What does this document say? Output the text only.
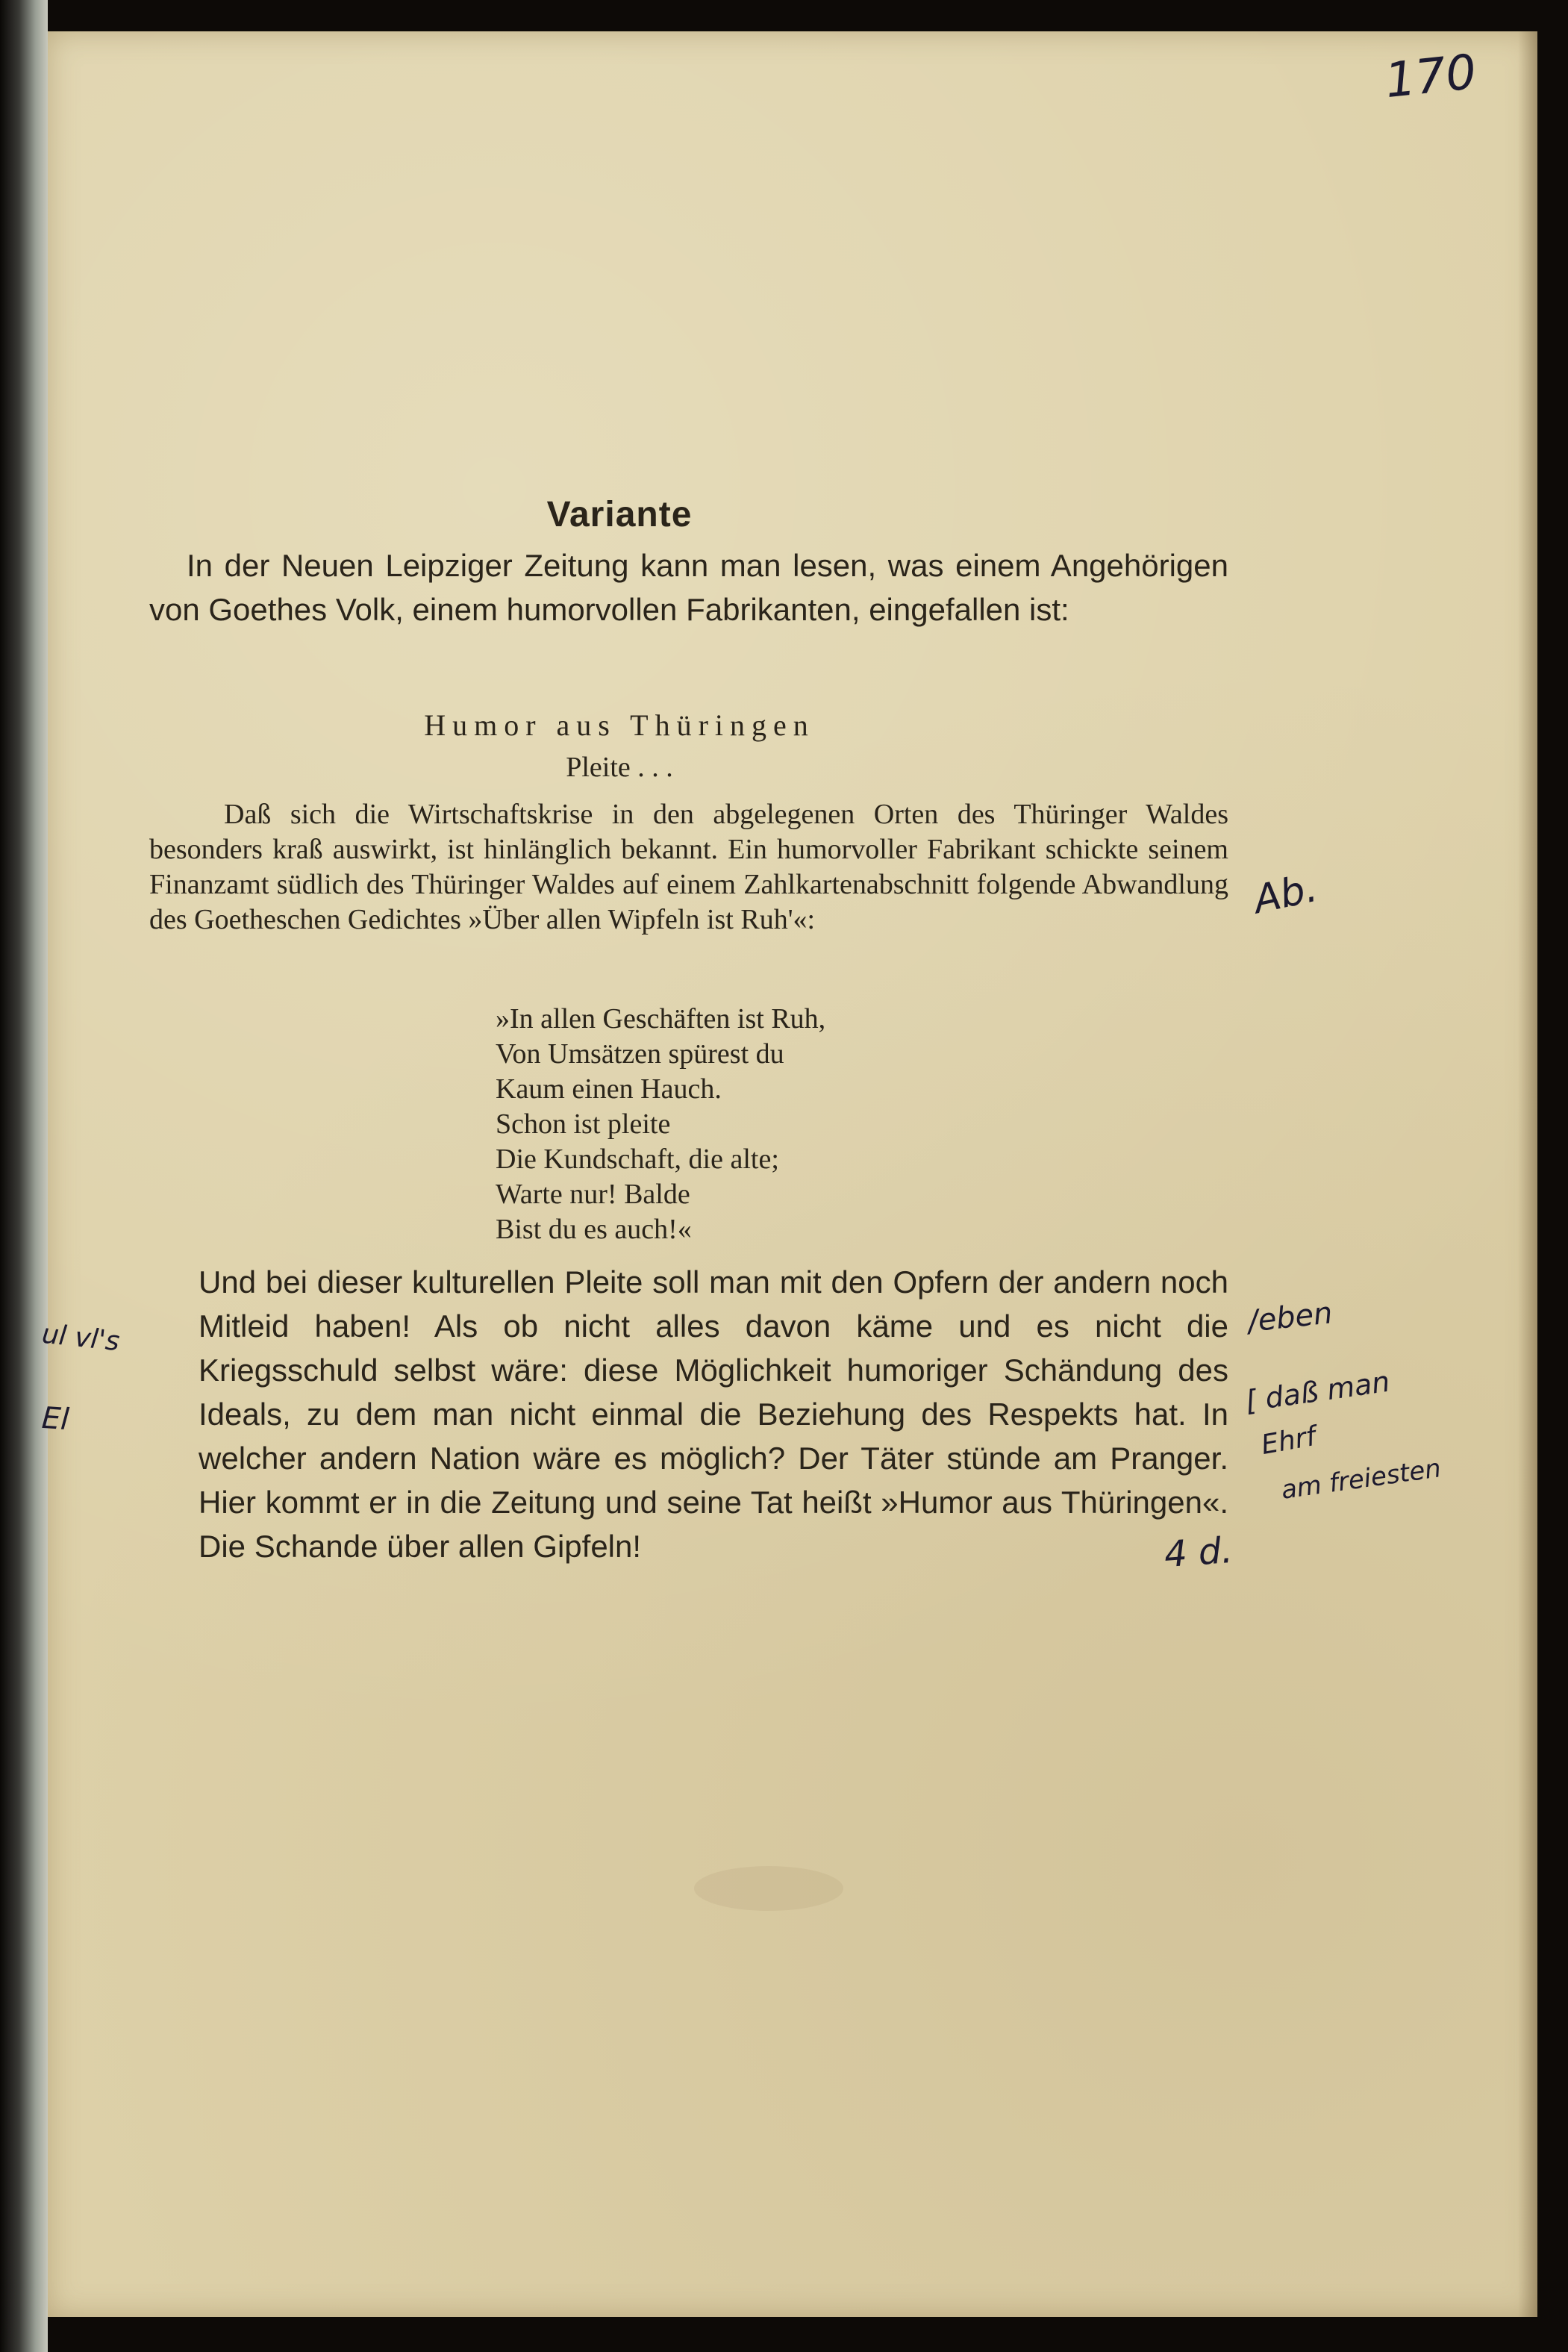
170
Variante

In der Neuen Leipziger Zeitung kann man lesen, was einem Angehörigen von Goethes Volk, einem humorvollen Fabrikanten, eingefallen ist:

Humor aus Thüringen
Pleite . . .

Daß sich die Wirtschaftskrise in den abgelegenen Orten des Thüringer Waldes besonders kraß auswirkt, ist hinlänglich bekannt. Ein humorvoller Fabrikant schickte seinem Finanzamt südlich des Thüringer Waldes auf einem Zahlkartenabschnitt folgende Abwandlung des Goetheschen Gedichtes »Über allen Wipfeln ist Ruh'«:

»In allen Geschäften ist Ruh,
Von Umsätzen spürest du
Kaum einen Hauch.
Schon ist pleite
Die Kundschaft, die alte;
Warte nur! Balde
Bist du es auch!«

Und bei dieser kulturellen Pleite soll man mit den Opfern der andern noch Mitleid haben! Als ob nicht alles davon käme und es nicht die Kriegsschuld selbst wäre: diese Möglichkeit humoriger Schändung des Ideals, zu dem man nicht einmal die Beziehung des Respekts hat. In welcher andern Nation wäre es möglich? Der Täter stünde am Pranger. Hier kommt er in die Zeitung und seine Tat heißt »Humor aus Thüringen«. Die Schande über allen Gipfeln!

Ab.
/eben
[ daß man
Ehrf
am freiesten
4 d.
ul vl's
El
